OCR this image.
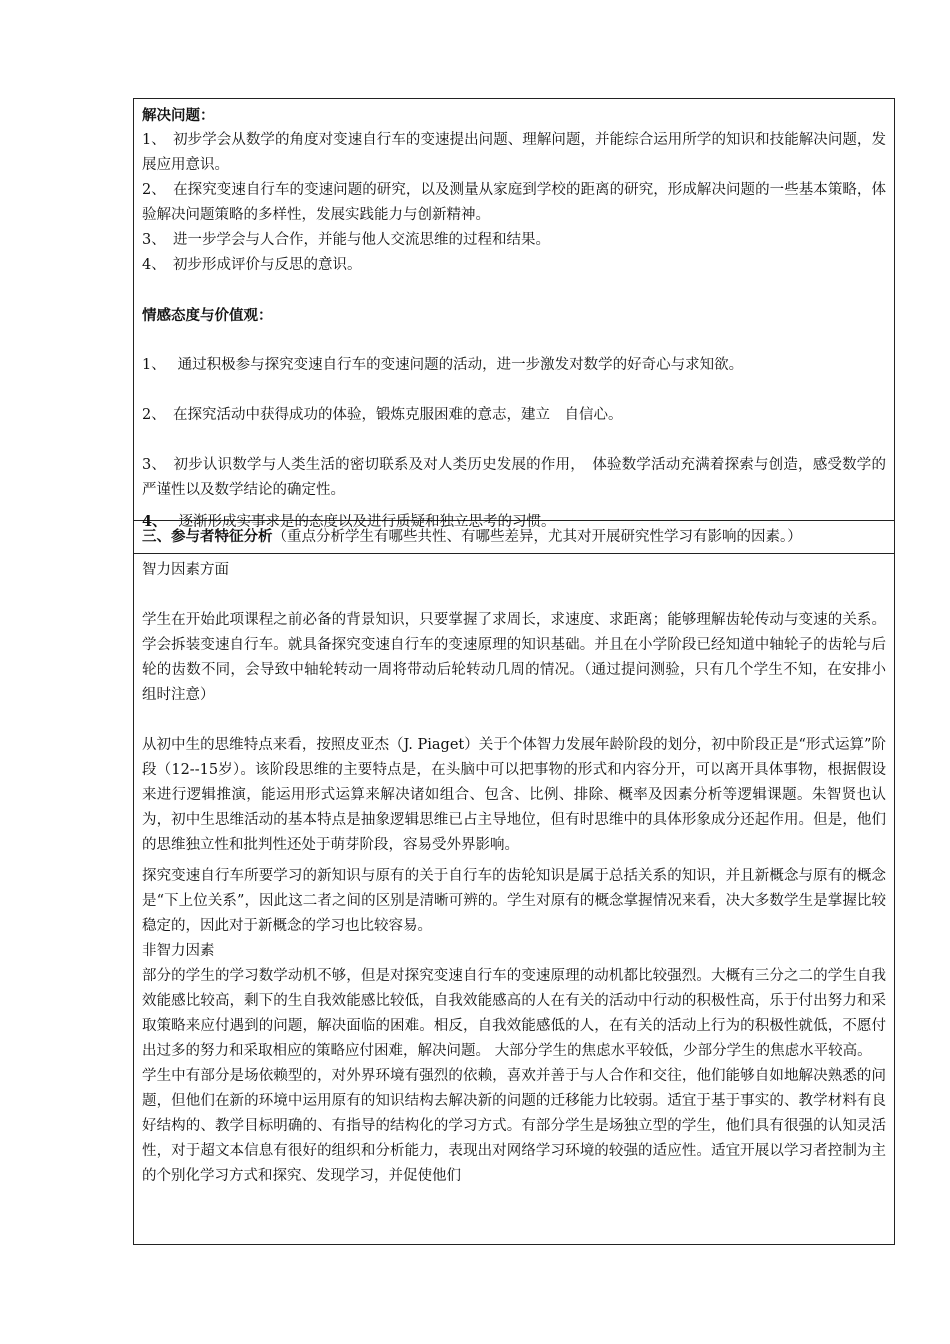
解决问题：

1、　初步学会从数学的角度对变速自行车的变速提出问题、理解问题，并能综合运用所学的知识和技能解决问题，发展应用意识。

2、　在探究变速自行车的变速问题的研究，以及测量从家庭到学校的距离的研究，形成解决问题的一些基本策略，体验解决问题策略的多样性，发展实践能力与创新精神。

3、　进一步学会与人合作，并能与他人交流思维的过程和结果。

4、　初步形成评价与反思的意识。

情感态度与价值观：

1、　 通过积极参与探究变速自行车的变速问题的活动，进一步激发对数学的好奇心与求知欲。

2、　在探究活动中获得成功的体验，锻炼克服困难的意志，建立　自信心。

3、　初步认识数学与人类生活的密切联系及对人类历史发展的作用，　体验数学活动充满着探索与创造，感受数学的严谨性以及数学结论的确定性。

4、　 逐渐形成实事求是的态度以及进行质疑和独立思考的习惯。

三、参与者特征分析（重点分析学生有哪些共性、有哪些差异，尤其对开展研究性学习有影响的因素。）

智力因素方面

学生在开始此项课程之前必备的背景知识，只要掌握了求周长，求速度、求距离；能够理解齿轮传动与变速的关系。学会拆装变速自行车。就具备探究变速自行车的变速原理的知识基础。并且在小学阶段已经知道中轴轮子的齿轮与后轮的齿数不同，会导致中轴轮转动一周将带动后轮转动几周的情况。（通过提问测验，只有几个学生不知，在安排小组时注意）

从初中生的思维特点来看，按照皮亚杰（J. Piaget）关于个体智力发展年龄阶段的划分，初中阶段正是“形式运算”阶段（12--15岁）。该阶段思维的主要特点是，在头脑中可以把事物的形式和内容分开，可以离开具体事物，根据假设来进行逻辑推演，能运用形式运算来解决诸如组合、包含、比例、排除、概率及因素分析等逻辑课题。朱智贤也认为，初中生思维活动的基本特点是抽象逻辑思维已占主导地位，但有时思维中的具体形象成分还起作用。但是，他们的思维独立性和批判性还处于萌芽阶段，容易受外界影响。

探究变速自行车所要学习的新知识与原有的关于自行车的齿轮知识是属于总括关系的知识，并且新概念与原有的概念是“下上位关系”，因此这二者之间的区别是清晰可辨的。学生对原有的概念掌握情况来看，决大多数学生是掌握比较稳定的，因此对于新概念的学习也比较容易。

非智力因素

部分的学生的学习数学动机不够，但是对探究变速自行车的变速原理的动机都比较强烈。大概有三分之二的学生自我效能感比较高，剩下的生自我效能感比较低，自我效能感高的人在有关的活动中行动的积极性高，乐于付出努力和采取策略来应付遇到的问题，解决面临的困难。相反，自我效能感低的人，在有关的活动上行为的积极性就低，不愿付出过多的努力和采取相应的策略应付困难，解决问题。 大部分学生的焦虑水平较低，少部分学生的焦虑水平较高。

学生中有部分是场依赖型的，对外界环境有强烈的依赖，喜欢并善于与人合作和交往，他们能够自如地解决熟悉的问题，但他们在新的环境中运用原有的知识结构去解决新的问题的迁移能力比较弱。适宜于基于事实的、教学材料有良好结构的、教学目标明确的、有指导的结构化的学习方式。有部分学生是场独立型的学生，他们具有很强的认知灵活性，对于超文本信息有很好的组织和分析能力，表现出对网络学习环境的较强的适应性。适宜开展以学习者控制为主的个别化学习方式和探究、发现学习，并促使他们
